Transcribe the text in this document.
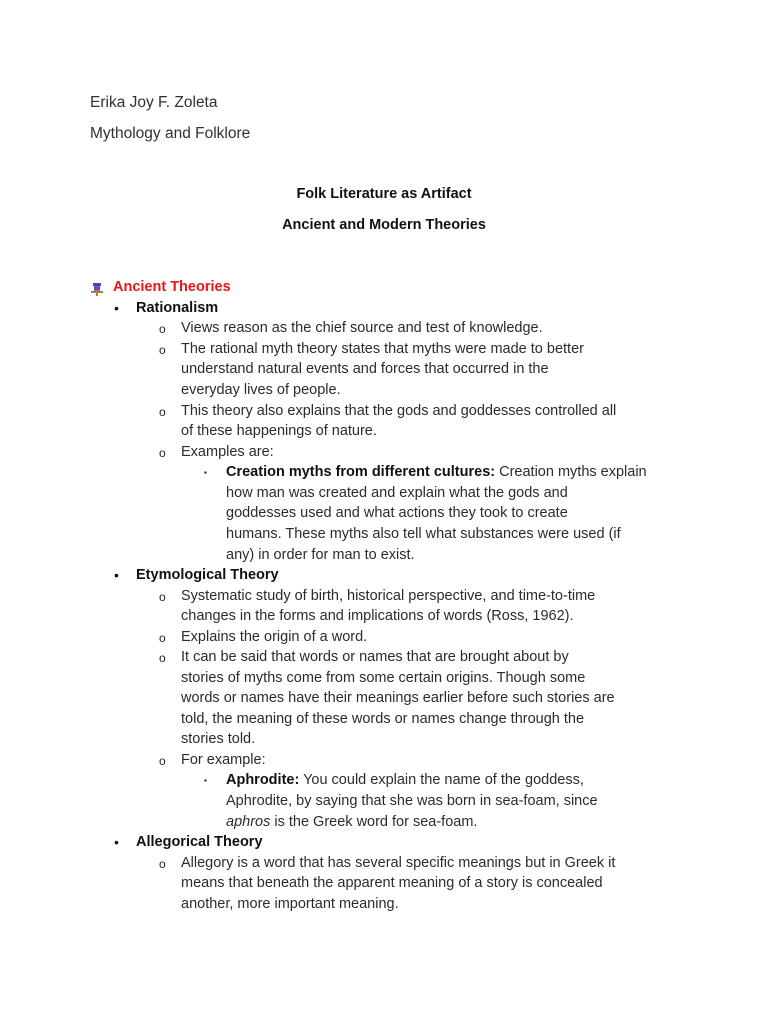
Erika Joy F. Zoleta
Mythology and Folklore
Folk Literature as Artifact
Ancient and Modern Theories
Ancient Theories
• Rationalism
o Views reason as the chief source and test of knowledge.
o The rational myth theory states that myths were made to better
understand natural events and forces that occurred in the
everyday lives of people.
o This theory also explains that the gods and goddesses controlled all
of these happenings of nature.
o Examples are:
▪ Creation myths from different cultures: Creation myths explain
how man was created and explain what the gods and
goddesses used and what actions they took to create
humans. These myths also tell what substances were used (if
any) in order for man to exist.
• Etymological Theory
o Systematic study of birth, historical perspective, and time-to-time
changes in the forms and implications of words (Ross, 1962).
o Explains the origin of a word.
o It can be said that words or names that are brought about by
stories of myths come from some certain origins. Though some
words or names have their meanings earlier before such stories are
told, the meaning of these words or names change through the
stories told.
o For example:
▪ Aphrodite: You could explain the name of the goddess,
Aphrodite, by saying that she was born in sea-foam, since
aphros is the Greek word for sea-foam.
• Allegorical Theory
o Allegory is a word that has several specific meanings but in Greek it
means that beneath the apparent meaning of a story is concealed
another, more important meaning.
